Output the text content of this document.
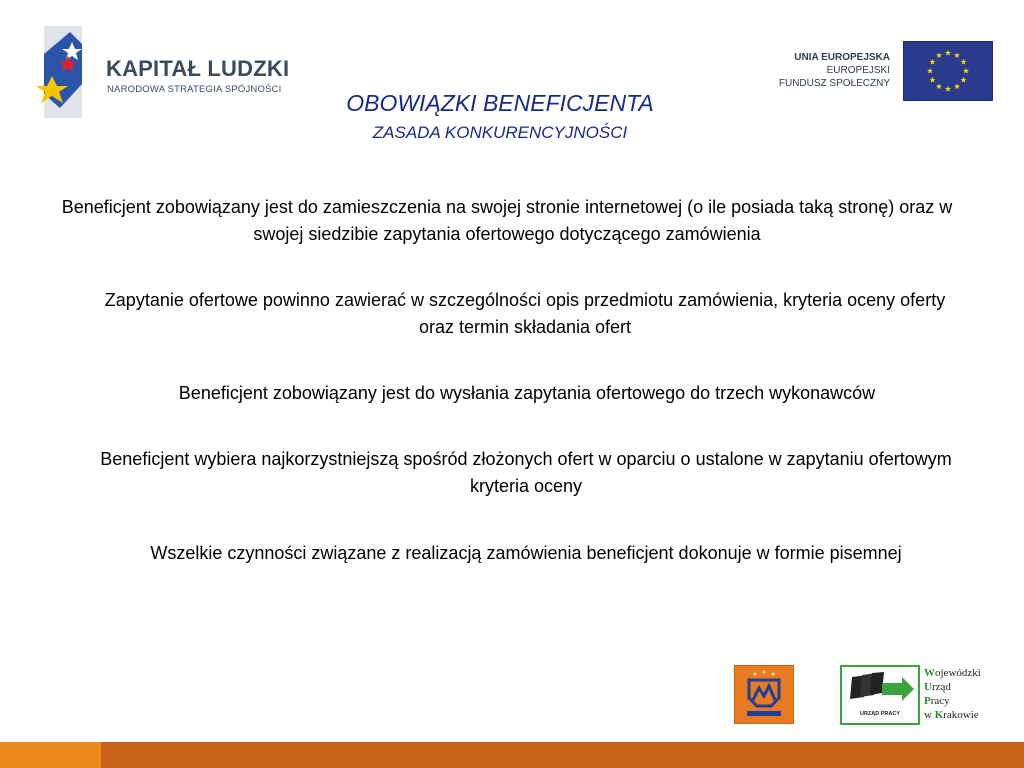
KAPITAŁ LUDZKI
NARODOWA STRATEGIA SPÓJNOŚCI
UNIA EUROPEJSKA
EUROPEJSKI
FUNDUSZ SPOŁECZNY
OBOWIĄZKI BENEFICJENTA
ZASADA KONKURENCYJNOŚCI
Beneficjent zobowiązany jest do zamieszczenia na swojej stronie internetowej (o ile posiada taką stronę) oraz w swojej siedzibie zapytania ofertowego dotyczącego zamówienia
Zapytanie ofertowe powinno zawierać w szczególności opis przedmiotu zamówienia, kryteria oceny oferty oraz termin składania ofert
Beneficjent zobowiązany jest do wysłania zapytania ofertowego do trzech wykonawców
Beneficjent wybiera najkorzystniejszą spośród złożonych ofert w oparciu o ustalone w zapytaniu ofertowym kryteria oceny
Wszelkie czynności związane z realizacją zamówienia beneficjent dokonuje w formie pisemnej
URZĄD PRACY
Wojewódzki
Urząd
Pracy
w Krakowie
